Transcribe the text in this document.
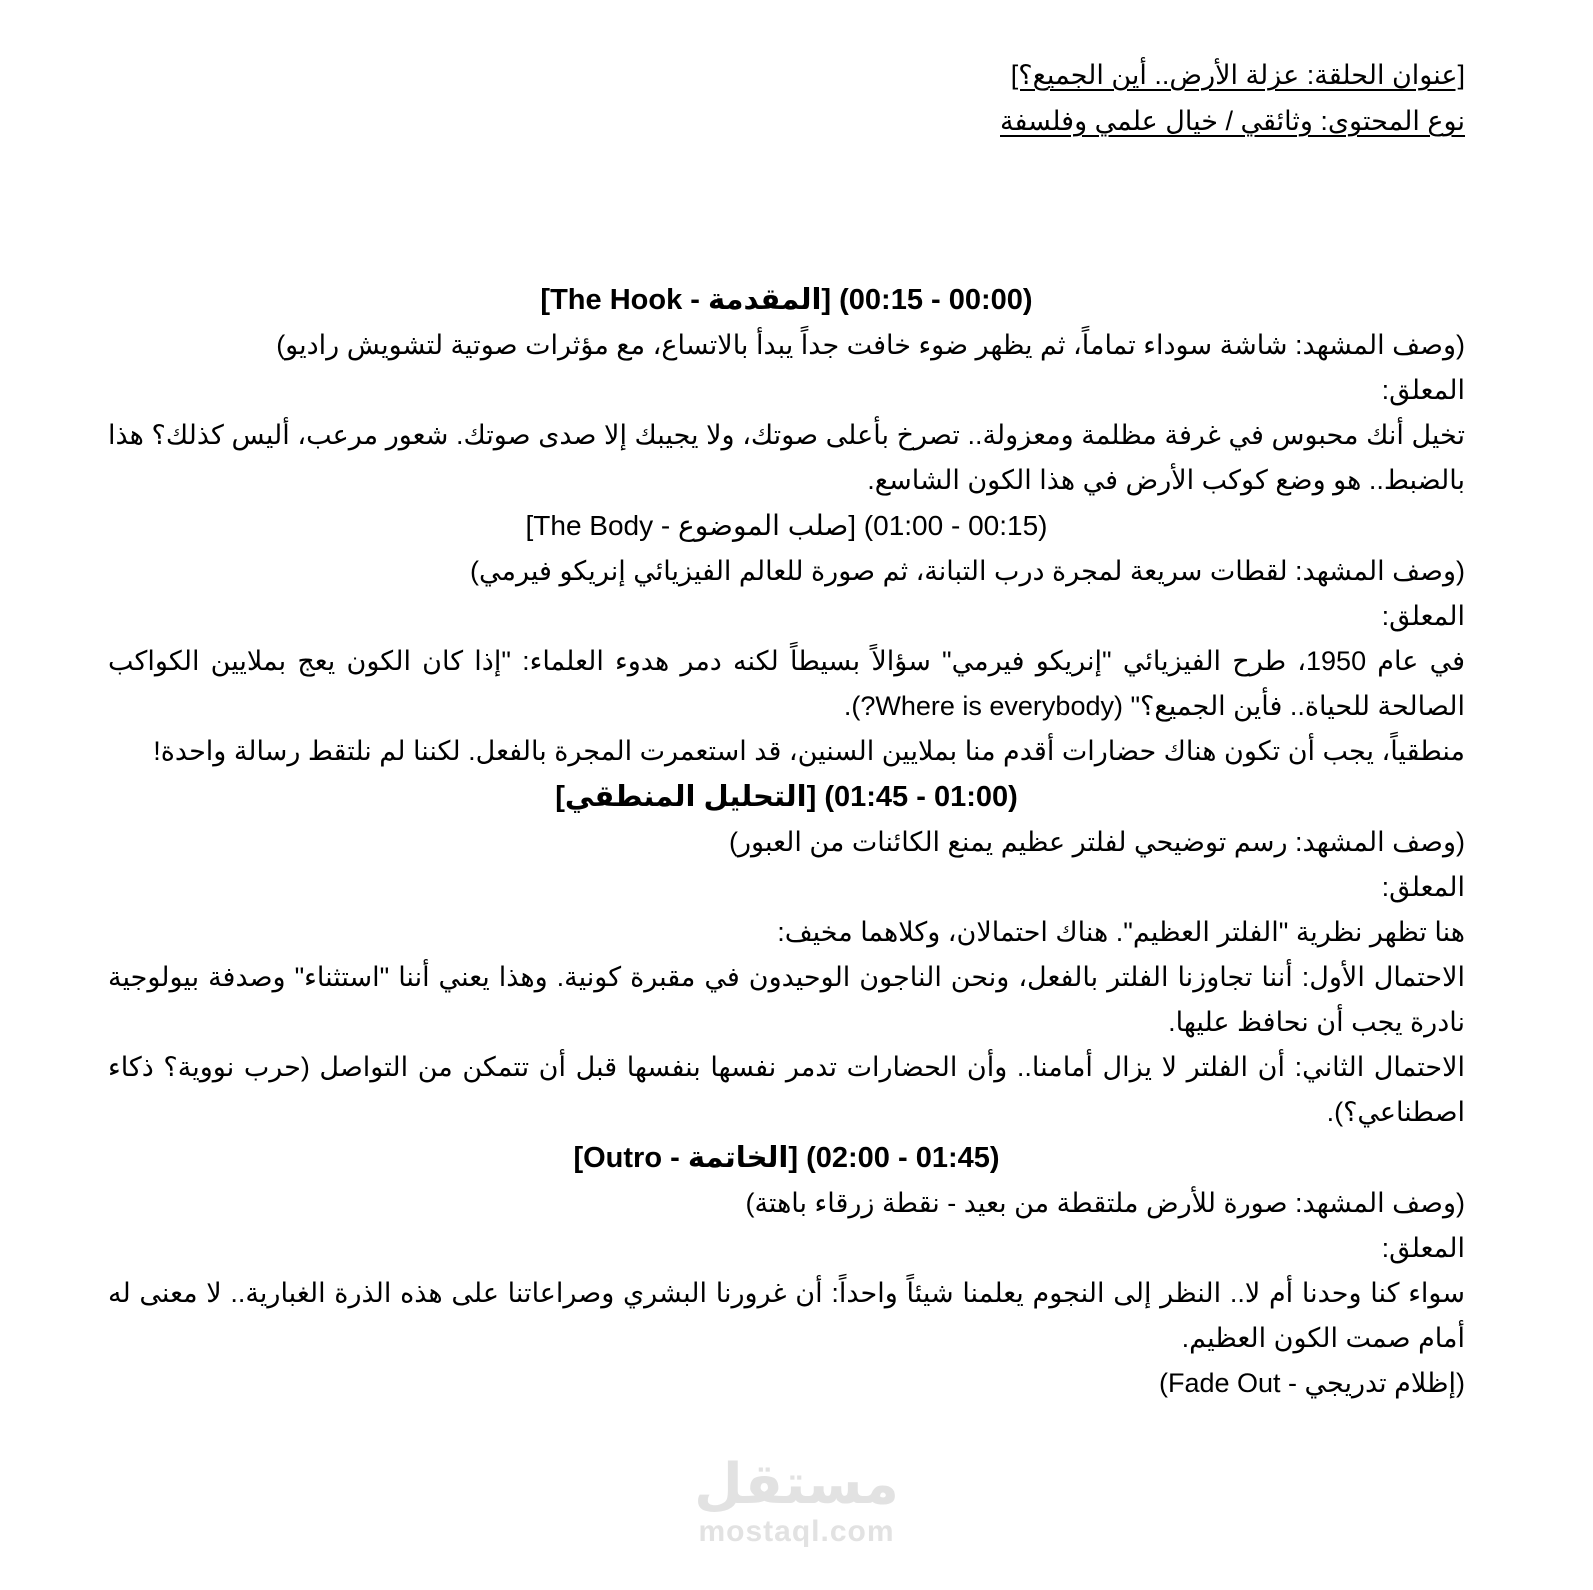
[عنوان الحلقة: عزلة الأرض.. أين الجميع؟]
نوع المحتوى: وثائقي / خيال علمي وفلسفة
(00:00 - 00:15) [المقدمة - The Hook]
(وصف المشهد: شاشة سوداء تماماً، ثم يظهر ضوء خافت جداً يبدأ بالاتساع، مع مؤثرات صوتية لتشويش راديو)
المعلق:
تخيل أنك محبوس في غرفة مظلمة ومعزولة.. تصرخ بأعلى صوتك، ولا يجيبك إلا صدى صوتك. شعور مرعب، أليس كذلك؟ هذا بالضبط.. هو وضع كوكب الأرض في هذا الكون الشاسع.
(00:15 - 01:00) [صلب الموضوع - The Body]
(وصف المشهد: لقطات سريعة لمجرة درب التبانة، ثم صورة للعالم الفيزيائي إنريكو فيرمي)
المعلق:
في عام 1950، طرح الفيزيائي "إنريكو فيرمي" سؤالاً بسيطاً لكنه دمر هدوء العلماء: "إذا كان الكون يعج بملايين الكواكب الصالحة للحياة.. فأين الجميع؟" (Where is everybody?).
منطقياً، يجب أن تكون هناك حضارات أقدم منا بملايين السنين، قد استعمرت المجرة بالفعل. لكننا لم نلتقط رسالة واحدة!
(01:00 - 01:45) [التحليل المنطقي]
(وصف المشهد: رسم توضيحي لفلتر عظيم يمنع الكائنات من العبور)
المعلق:
هنا تظهر نظرية "الفلتر العظيم". هناك احتمالان، وكلاهما مخيف:
الاحتمال الأول: أننا تجاوزنا الفلتر بالفعل، ونحن الناجون الوحيدون في مقبرة كونية. وهذا يعني أننا "استثناء" وصدفة بيولوجية نادرة يجب أن نحافظ عليها.
الاحتمال الثاني: أن الفلتر لا يزال أمامنا.. وأن الحضارات تدمر نفسها بنفسها قبل أن تتمكن من التواصل (حرب نووية؟ ذكاء اصطناعي؟).
(01:45 - 02:00) [الخاتمة - Outro]
(وصف المشهد: صورة للأرض ملتقطة من بعيد - نقطة زرقاء باهتة)
المعلق:
سواء كنا وحدنا أم لا.. النظر إلى النجوم يعلمنا شيئاً واحداً: أن غرورنا البشري وصراعاتنا على هذه الذرة الغبارية.. لا معنى له أمام صمت الكون العظيم.
(إظلام تدريجي - Fade Out)
مستقل
mostaql.com
